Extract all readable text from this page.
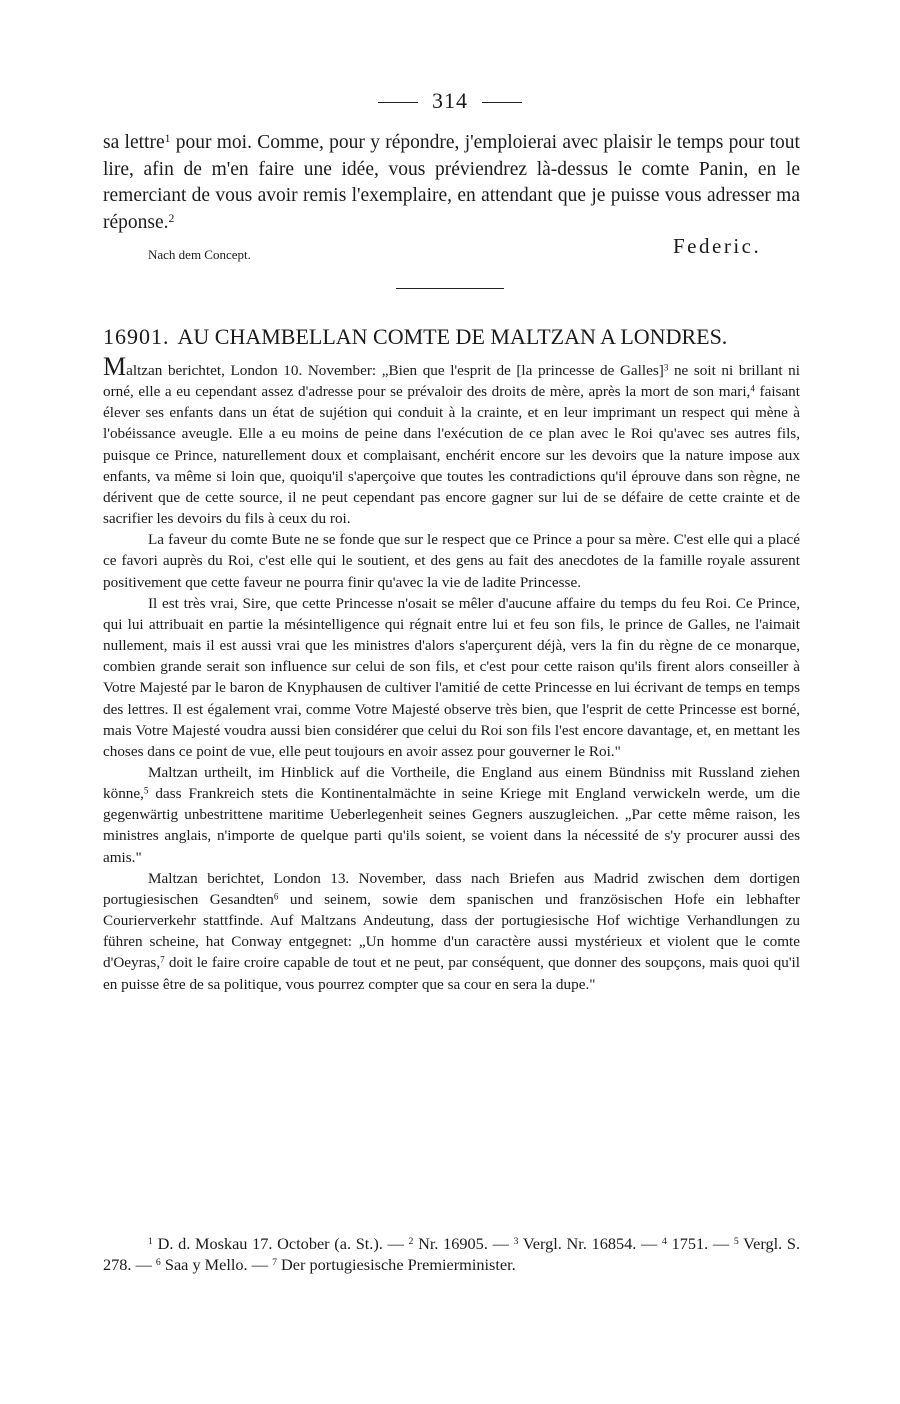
314

sa lettre$^1$ pour moi. Comme, pour y répondre, j'emploierai avec plaisir le temps pour tout lire, afin de m'en faire une idée, vous préviendrez là-dessus le comte Panin, en le remerciant de vous avoir remis l'exemplaire, en attendant que je puisse vous adresser ma réponse.$^2$

Nach dem Concept.	Federic.
16901. AU CHAMBELLAN COMTE DE MALTZAN A LONDRES.

Maltzan berichtet, London 10. November: „Bien que l'esprit de [la princesse de Galles]$^3$ ne soit ni brillant ni orné, elle a eu cependant assez d'adresse pour se prévaloir des droits de mère, après la mort de son mari,$^4$ faisant élever ses enfants dans un état de sujétion qui conduit à la crainte, et en leur imprimant un respect qui mène à l'obéissance aveugle. Elle a eu moins de peine dans l'exécution de ce plan avec le Roi qu'avec ses autres fils, puisque ce Prince, naturellement doux et complaisant, enchérit encore sur les devoirs que la nature impose aux enfants, va même si loin que, quoiqu'il s'aperçoive que toutes les contradictions qu'il éprouve dans son règne, ne dérivent que de cette source, il ne peut cependant pas encore gagner sur lui de se défaire de cette crainte et de sacrifier les devoirs du fils à ceux du roi.

La faveur du comte Bute ne se fonde que sur le respect que ce Prince a pour sa mère. C'est elle qui a placé ce favori auprès du Roi, c'est elle qui le soutient, et des gens au fait des anecdotes de la famille royale assurent positivement que cette faveur ne pourra finir qu'avec la vie de ladite Princesse.

Il est très vrai, Sire, que cette Princesse n'osait se mêler d'aucune affaire du temps du feu Roi. Ce Prince, qui lui attribuait en partie la mésintelligence qui régnait entre lui et feu son fils, le prince de Galles, ne l'aimait nullement, mais il est aussi vrai que les ministres d'alors s'aperçurent déjà, vers la fin du règne de ce monarque, combien grande serait son influence sur celui de son fils, et c'est pour cette raison qu'ils firent alors conseiller à Votre Majesté par le baron de Knyphausen de cultiver l'amitié de cette Princesse en lui écrivant de temps en temps des lettres. Il est également vrai, comme Votre Majesté observe très bien, que l'esprit de cette Princesse est borné, mais Votre Majesté voudra aussi bien considérer que celui du Roi son fils l'est encore davantage, et, en mettant les choses dans ce point de vue, elle peut toujours en avoir assez pour gouverner le Roi."

Maltzan urtheilt, im Hinblick auf die Vortheile, die England aus einem Bündniss mit Russland ziehen könne,$^5$ dass Frankreich stets die Kontinentalmächte in seine Kriege mit England verwickeln werde, um die gegenwärtig unbestrittene maritime Ueberlegenheit seines Gegners auszugleichen. „Par cette même raison, les ministres anglais, n'importe de quelque parti qu'ils soient, se voient dans la nécessité de s'y procurer aussi des amis."

Maltzan berichtet, London 13. November, dass nach Briefen aus Madrid zwischen dem dortigen portugiesischen Gesandten$^6$ und seinem, sowie dem spanischen und französischen Hofe ein lebhafter Courierverkehr stattfinde. Auf Maltzans Andeutung, dass der portugiesische Hof wichtige Verhandlungen zu führen scheine, hat Conway entgegnet: „Un homme d'un caractère aussi mystérieux et violent que le comte d'Oeyras,$^7$ doit le faire croire capable de tout et ne peut, par conséquent, que donner des soupçons, mais quoi qu'il en puisse être de sa politique, vous pourrez compter que sa cour en sera la dupe."

$^1$ D. d. Moskau 17. October (a. St.). — $^2$ Nr. 16905. — $^3$ Vergl. Nr. 16854. — $^4$ 1751. — $^5$ Vergl. S. 278. — $^6$ Saa y Mello. — $^7$ Der portugiesische Premierminister.
